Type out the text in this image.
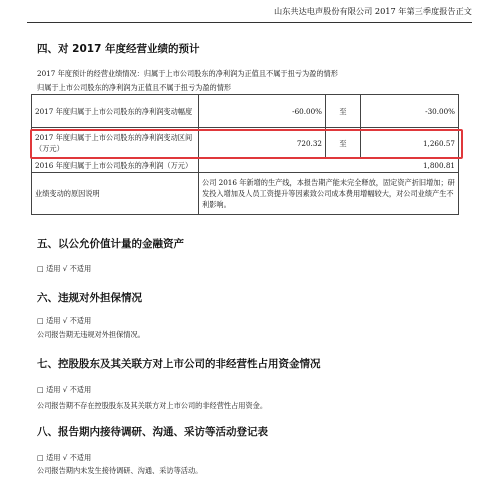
山东共达电声股份有限公司 2017 年第三季度报告正文
四、对 2017 年度经营业绩的预计
2017 年度预计的经营业绩情况：归属于上市公司股东的净利润为正值且不属于扭亏为盈的情形
归属于上市公司股东的净利润为正值且不属于扭亏为盈的情形
2017 年度归属于上市公司股东的净利润变动幅度	-60.00%	至	-30.00%
2017 年度归属于上市公司股东的净利润变动区间（万元）	720.32	至	1,260.57
2016 年度归属于上市公司股东的净利润（万元）	1,800.81		
业绩变动的原因说明	公司 2016 年新增的生产线，本报告期产能未完全释放，固定资产折旧增加；研发投入增加及人员工资提升等因素致公司成本费用增幅较大，对公司业绩产生不利影响。		
五、以公允价值计量的金融资产
□ 适用 √ 不适用
六、违规对外担保情况
□ 适用 √ 不适用
公司报告期无违规对外担保情况。
七、控股股东及其关联方对上市公司的非经营性占用资金情况
□ 适用 √ 不适用
公司报告期不存在控股股东及其关联方对上市公司的非经营性占用资金。
八、报告期内接待调研、沟通、采访等活动登记表
□ 适用 √ 不适用
公司报告期内未发生接待调研、沟通、采访等活动。
